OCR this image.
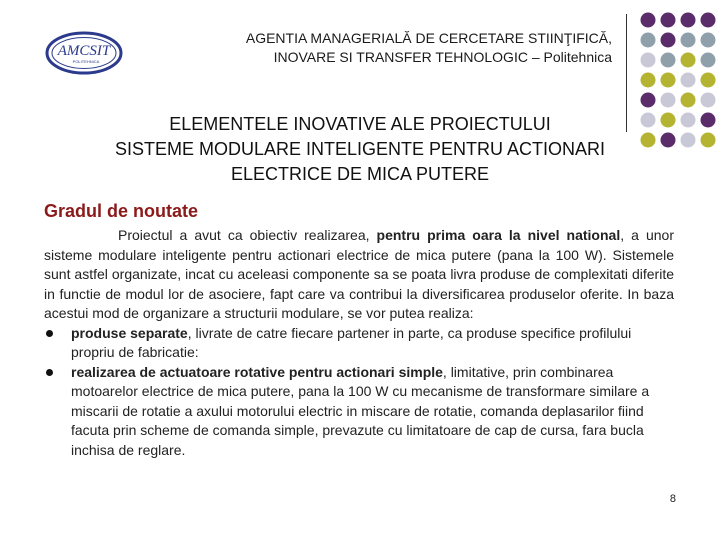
AMCSIT
POLITEHNICA
AGENTIA MANAGERIALĂ DE CERCETARE STIINŢIFICĂ,
INOVARE SI TRANSFER TEHNOLOGIC – Politehnica
ELEMENTELE INOVATIVE ALE PROIECTULUI
SISTEME MODULARE INTELIGENTE PENTRU ACTIONARI
ELECTRICE DE MICA PUTERE
Gradul de noutate

Proiectul a avut ca obiectiv realizarea, pentru prima oara la nivel national, a unor sisteme modulare inteligente pentru actionari electrice de mica putere (pana la 100 W). Sistemele sunt astfel organizate, incat cu aceleasi componente sa se poata livra produse de complexitati diferite in functie de modul lor de asociere, fapt care va contribui la diversificarea produselor oferite. In baza acestui mod de organizare a structurii modulare, se vor putea realiza:

produse separate, livrate de catre fiecare partener in parte, ca produse specifice profilului propriu de fabricatie:
realizarea de actuatoare rotative pentru actionari simple, limitative, prin combinarea motoarelor electrice de mica putere, pana la 100 W cu mecanisme de transformare similare a miscarii de rotatie a axului motorului electric in miscare de rotatie, comanda deplasarilor fiind facuta prin scheme de comanda simple, prevazute cu limitatoare de cap de cursa, fara bucla inchisa de reglare.
8
